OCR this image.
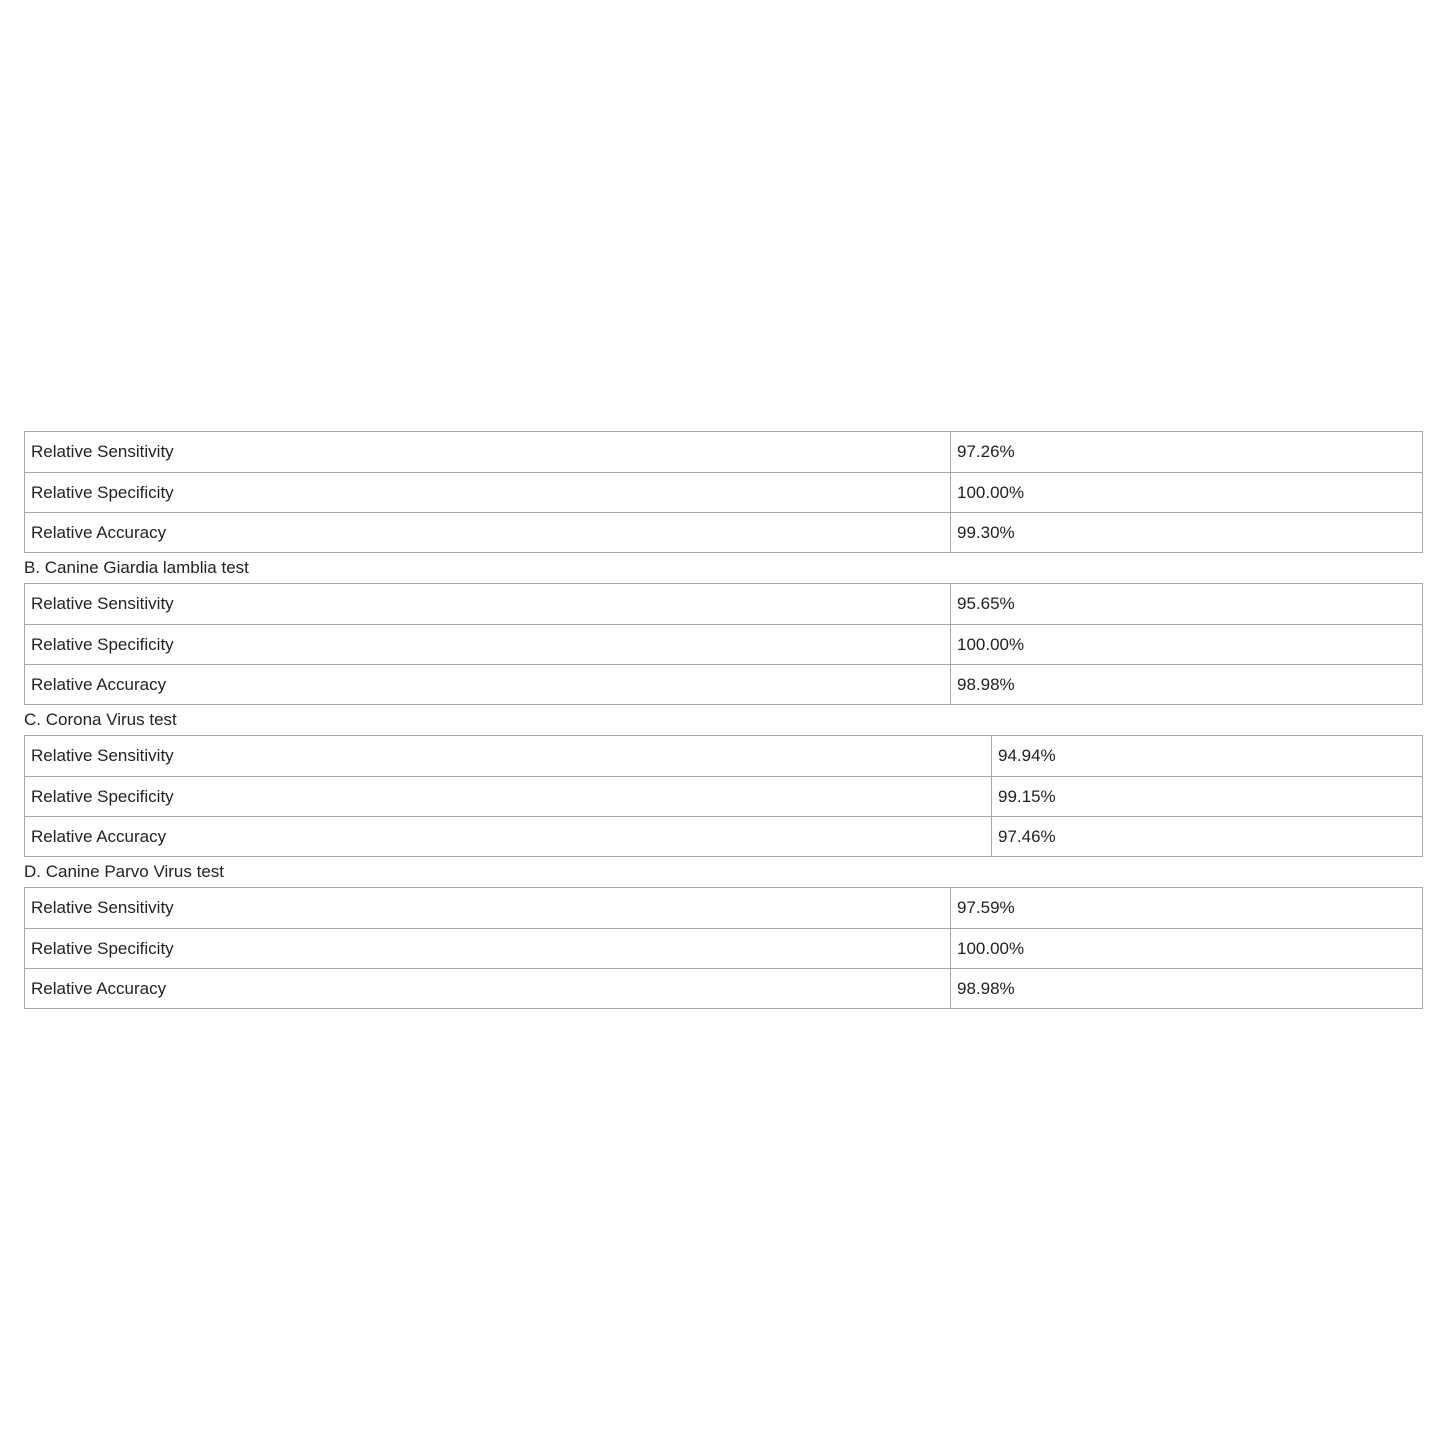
Relative Sensitivity	97.26%
Relative Specificity	100.00%
Relative Accuracy	99.30%
B. Canine Giardia lamblia test
Relative Sensitivity	95.65%
Relative Specificity	100.00%
Relative Accuracy	98.98%
C. Corona Virus test
Relative Sensitivity	94.94%
Relative Specificity	99.15%
Relative Accuracy	97.46%
D. Canine Parvo Virus test
Relative Sensitivity	97.59%
Relative Specificity	100.00%
Relative Accuracy	98.98%
